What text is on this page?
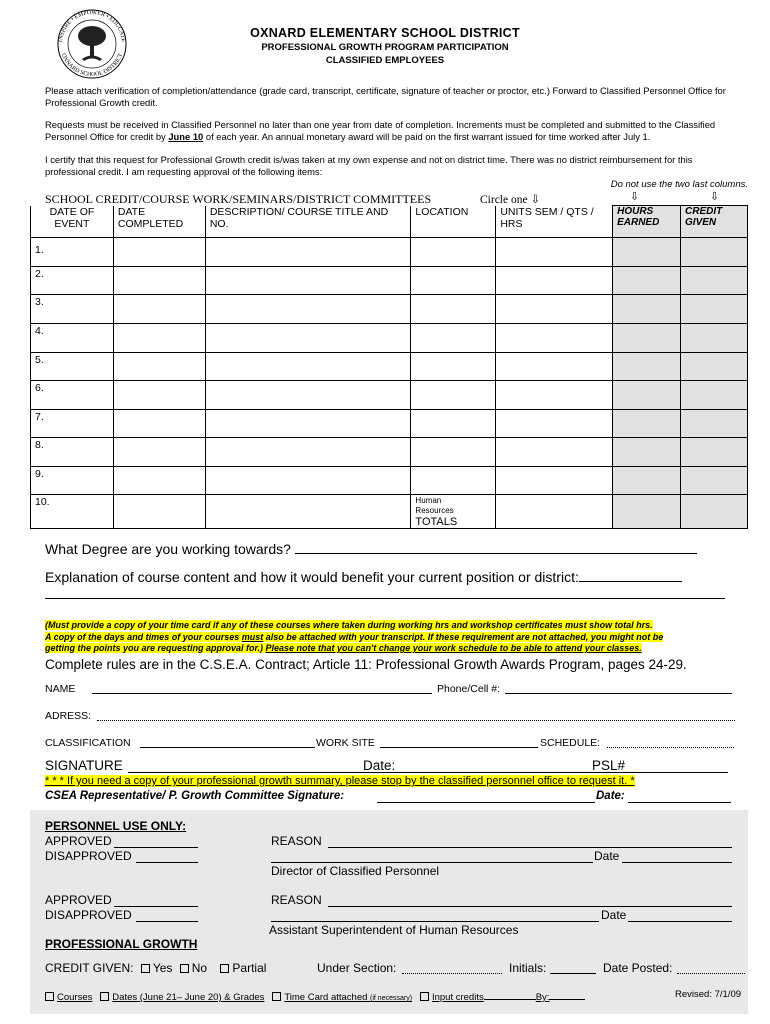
INSPIRE • EMPOWER • EDUCATE
OXNARD SCHOOL DISTRICT
OXNARD ELEMENTARY SCHOOL DISTRICT
PROFESSIONAL GROWTH PROGRAM PARTICIPATION
CLASSIFIED EMPLOYEES
Please attach verification of completion/attendance (grade card, transcript, certificate, signature of teacher or proctor, etc.) Forward to Classified Personnel Office for Professional Growth credit.
Requests must be received in Classified Personnel no later than one year from date of completion. Increments must be completed and submitted to the Classified Personnel Office for credit by June 10 of each year. An annual monetary award will be paid on the first warrant issued for time worked after July 1.
I certify that this request for Professional Growth credit is/was taken at my own expense and not on district time. There was no district reimbursement for this professional credit. I am requesting approval of the following items:
Do not use the two last columns.
SCHOOL CREDIT/COURSE WORK/SEMINARS/DISTRICT COMMITTEES	Circle one ⇩	⇩	⇩
DATE OF EVENT	DATE COMPLETED	DESCRIPTION/ COURSE TITLE AND NO.	LOCATION	UNITS SEM / QTS / HRS	HOURS EARNED	CREDIT GIVEN
1.						
2.						
3.						
4.						
5.						
6.						
7.						
8.						
9.						
10.			Human Resources
TOTALS			

What Degree are you working towards?
Explanation of course content and how it would benefit your current position or district:
(Must provide a copy of your time card if any of these courses where taken during working hrs and workshop certificates must show total hrs.
A copy of the days and times of your courses must also be attached with your transcript. If these requirement are not attached, you might not be
getting the points you are requesting approval for.) Please note that you can't change your work schedule to be able to attend your classes.
Complete rules are in the C.S.E.A. Contract; Article 11: Professional Growth Awards Program, pages 24-29.
NAME	Phone/Cell #:
ADRESS:
CLASSIFICATION	WORK SITE	SCHEDULE:
SIGNATURE	Date:	PSL#
* * * If you need a copy of your professional growth summary, please stop by the classified personnel office to request it. *
CSEA Representative/ P. Growth Committee Signature:	Date:
PERSONNEL USE ONLY:
APPROVED
DISAPPROVED
REASON
Date
Director of Classified Personnel
APPROVED
DISAPPROVED
REASON
Date
Assistant Superintendent of Human Resources
PROFESSIONAL GROWTH
CREDIT GIVEN: Yes No Partial	Under Section:	Initials:	Date Posted:
Courses Dates (June 21– June 20) & Grades Time Card attached (if necessary) Input credits	By:	Revised: 7/1/09
